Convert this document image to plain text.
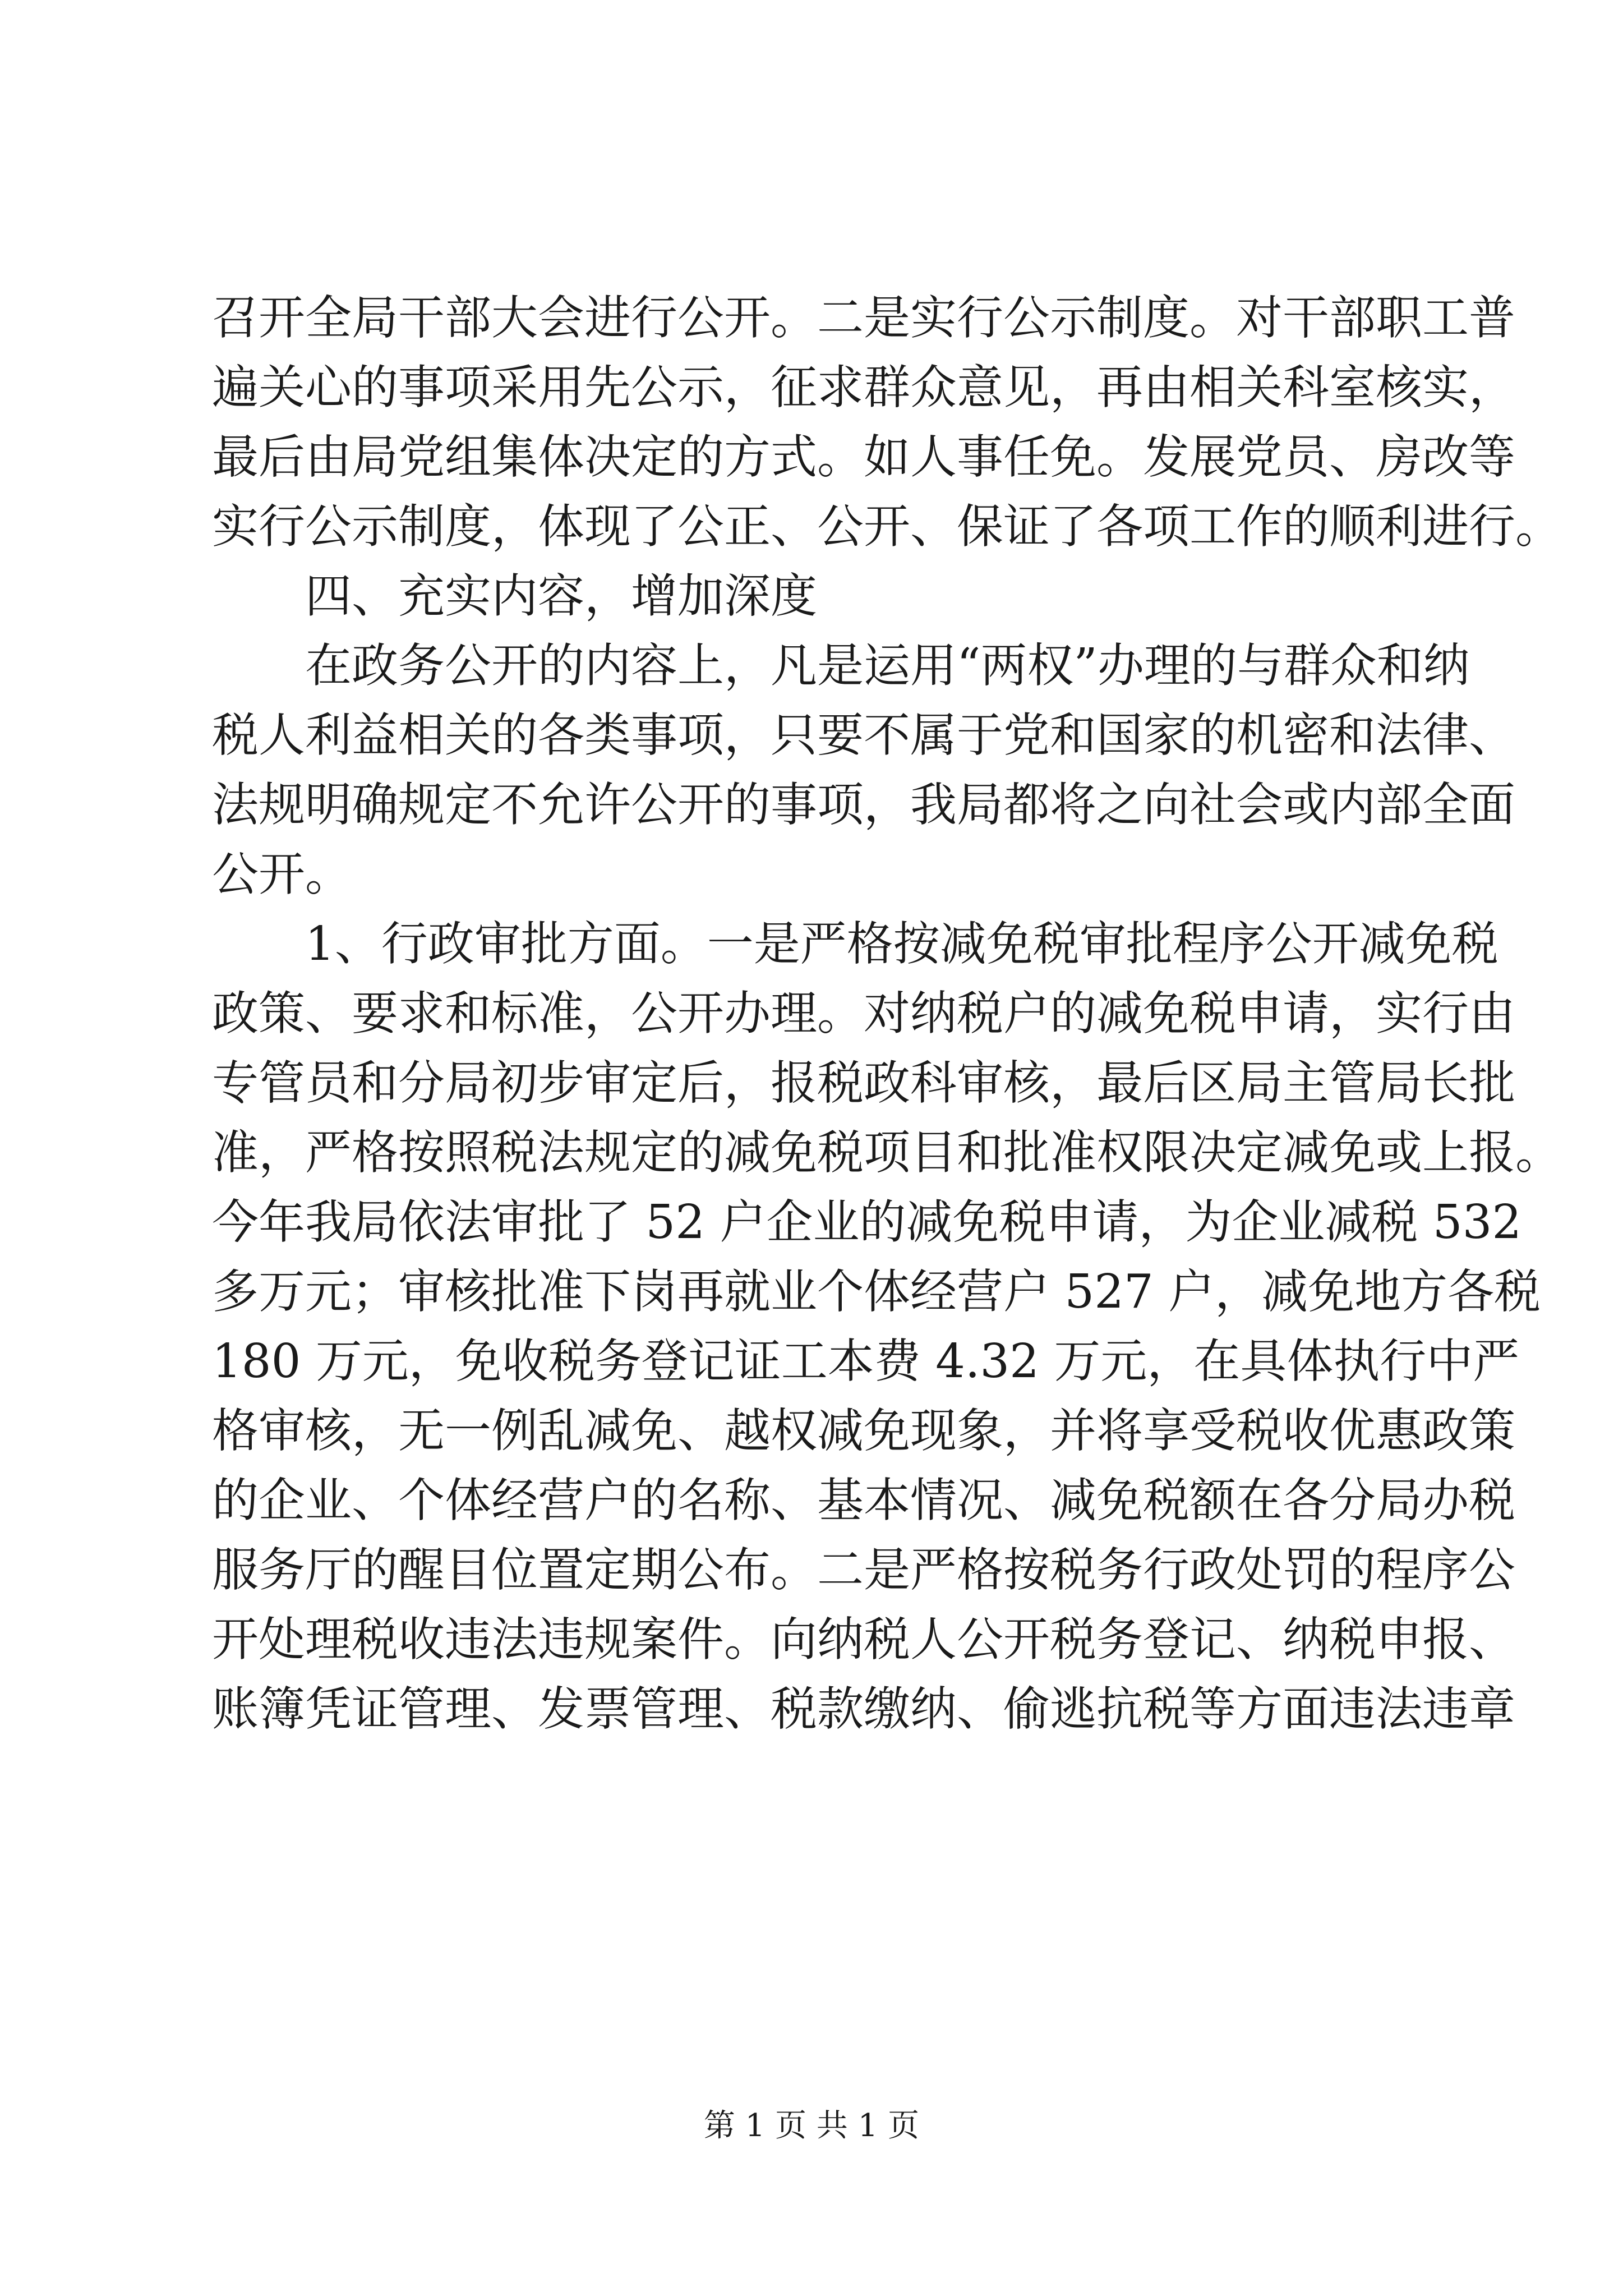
召开全局干部大会进行公开。二是实行公示制度。对干部职工普
遍关心的事项采用先公示，征求群众意见，再由相关科室核实，
最后由局党组集体决定的方式。如人事任免。发展党员、房改等
实行公示制度，体现了公正、公开、保证了各项工作的顺利进行。
四、充实内容，增加深度
在政务公开的内容上，凡是运用“两权”办理的与群众和纳
税人利益相关的各类事项，只要不属于党和国家的机密和法律、
法规明确规定不允许公开的事项，我局都将之向社会或内部全面
公开。
1、行政审批方面。一是严格按减免税审批程序公开减免税
政策、要求和标准，公开办理。对纳税户的减免税申请，实行由
专管员和分局初步审定后，报税政科审核，最后区局主管局长批
准，严格按照税法规定的减免税项目和批准权限决定减免或上报。
今年我局依法审批了 52 户企业的减免税申请，为企业减税 532
多万元；审核批准下岗再就业个体经营户 527 户，减免地方各税
180 万元，免收税务登记证工本费 4.32 万元，在具体执行中严
格审核，无一例乱减免、越权减免现象，并将享受税收优惠政策
的企业、个体经营户的名称、基本情况、减免税额在各分局办税
服务厅的醒目位置定期公布。二是严格按税务行政处罚的程序公
开处理税收违法违规案件。向纳税人公开税务登记、纳税申报、
账簿凭证管理、发票管理、税款缴纳、偷逃抗税等方面违法违章
第 1 页 共 1 页
